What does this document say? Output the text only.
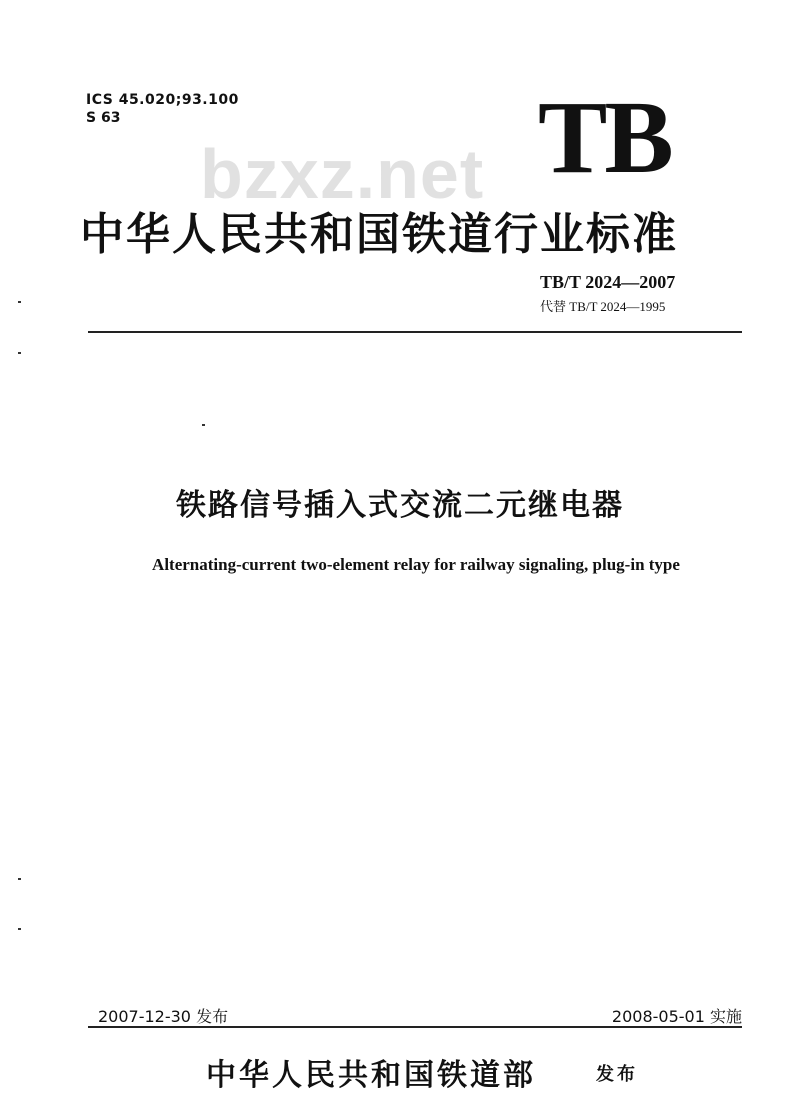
ICS 45.020;93.100
S 63	TB
bzxz.net
中华人民共和国铁道行业标准
TB/T 2024—2007
代替 TB/T 2024—1995
铁路信号插入式交流二元继电器
Alternating-current two-element relay for railway signaling, plug-in type
2007-12-30 发布	2008-05-01 实施
中华人民共和国铁道部	发布
